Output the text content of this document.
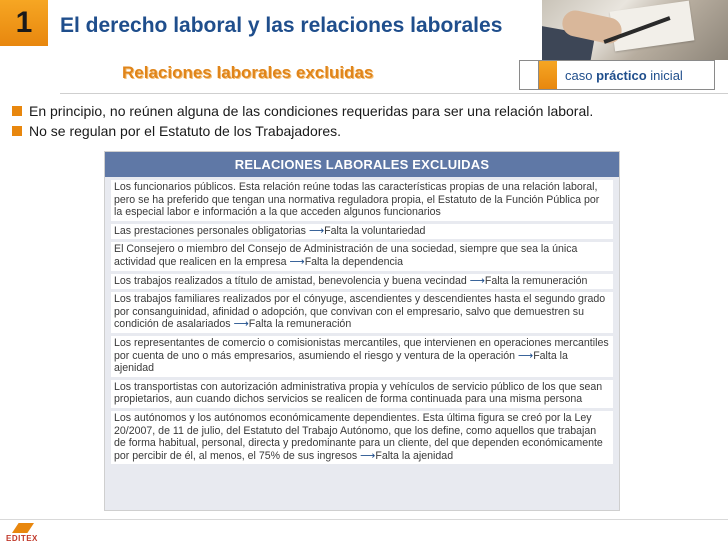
1 El derecho laboral y las relaciones laborales
Relaciones laborales excluidas	caso práctico inicial
En principio, no reúnen alguna de las condiciones requeridas para ser una relación laboral.
No se regulan por el Estatuto de los Trabajadores.
RELACIONES LABORALES EXCLUIDAS
Los funcionarios públicos. Esta relación reúne todas las características propias de una relación laboral, pero se ha preferido que tengan una normativa reguladora propia, el Estatuto de la Función Pública por la especial labor e información a la que acceden algunos funcionarios
Las prestaciones personales obligatorias ⟶Falta la voluntariedad
El Consejero o miembro del Consejo de Administración de una sociedad, siempre que sea la única actividad que realicen en la empresa ⟶Falta la dependencia
Los trabajos realizados a título de amistad, benevolencia y buena vecindad ⟶Falta la remuneración
Los trabajos familiares realizados por el cónyuge, ascendientes y descendientes hasta el segundo grado por consanguinidad, afinidad o adopción, que convivan con el empresario, salvo que demuestren su condición de asalariados ⟶Falta la remuneración
Los representantes de comercio o comisionistas mercantiles, que intervienen en operaciones mercantiles por cuenta de uno o más empresarios, asumiendo el riesgo y ventura de la operación ⟶Falta la ajenidad
Los transportistas con autorización administrativa propia y vehículos de servicio público de los que sean propietarios, aun cuando dichos servicios se realicen de forma continuada para una misma persona
Los autónomos y los autónomos económicamente dependientes. Esta última figura se creó por la Ley 20/2007, de 11 de julio, del Estatuto del Trabajo Autónomo, que los define, como aquellos que trabajan de forma habitual, personal, directa y predominante para un cliente, del que dependen económicamente por percibir de él, al menos, el 75% de sus ingresos ⟶Falta la ajenidad
EDITEX
